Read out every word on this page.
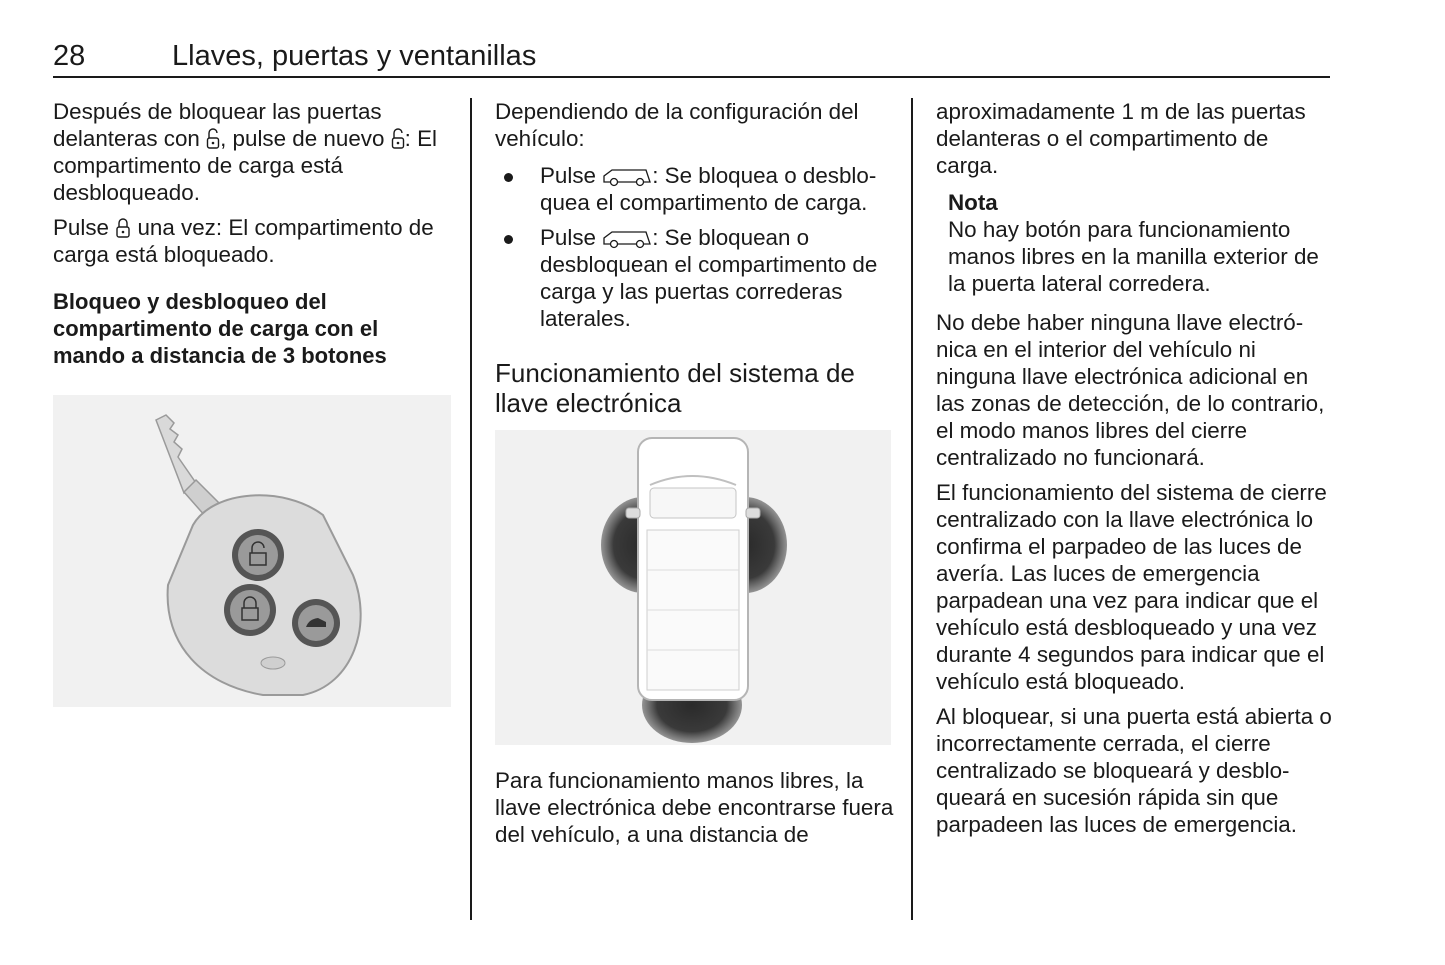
28	Llaves, puertas y ventanillas

Después de bloquear las puertas delanteras con , pulse de nuevo : El compartimento de carga está desbloqueado.

Pulse  una vez: El compartimento de carga está bloqueado.

Bloqueo y desbloqueo del compartimento de carga con el mando a distancia de 3 botones

Dependiendo de la configuración del vehículo:

Pulse : Se bloquea o desbloquea el compartimento de carga.
Pulse : Se bloquean o desbloquean el compartimento de carga y las puertas correderas laterales.

Funcionamiento del sistema de llave electrónica

Para funcionamiento manos libres, la llave electrónica debe encontrarse fuera del vehículo, a una distancia de

aproximadamente 1 m de las puertas delanteras o el compartimento de carga.

Nota
No hay botón para funcionamiento manos libres en la manilla exterior de la puerta lateral corredera.

No debe haber ninguna llave electrónica en el interior del vehículo ni ninguna llave electrónica adicional en las zonas de detección, de lo contrario, el modo manos libres del cierre centralizado no funcionará.

El funcionamiento del sistema de cierre centralizado con la llave electrónica lo confirma el parpadeo de las luces de avería. Las luces de emergencia parpadean una vez para indicar que el vehículo está desbloqueado y una vez durante 4 segundos para indicar que el vehículo está bloqueado.

Al bloquear, si una puerta está abierta o incorrectamente cerrada, el cierre centralizado se bloqueará y desbloqueará en sucesión rápida sin que parpadeen las luces de emergencia.
